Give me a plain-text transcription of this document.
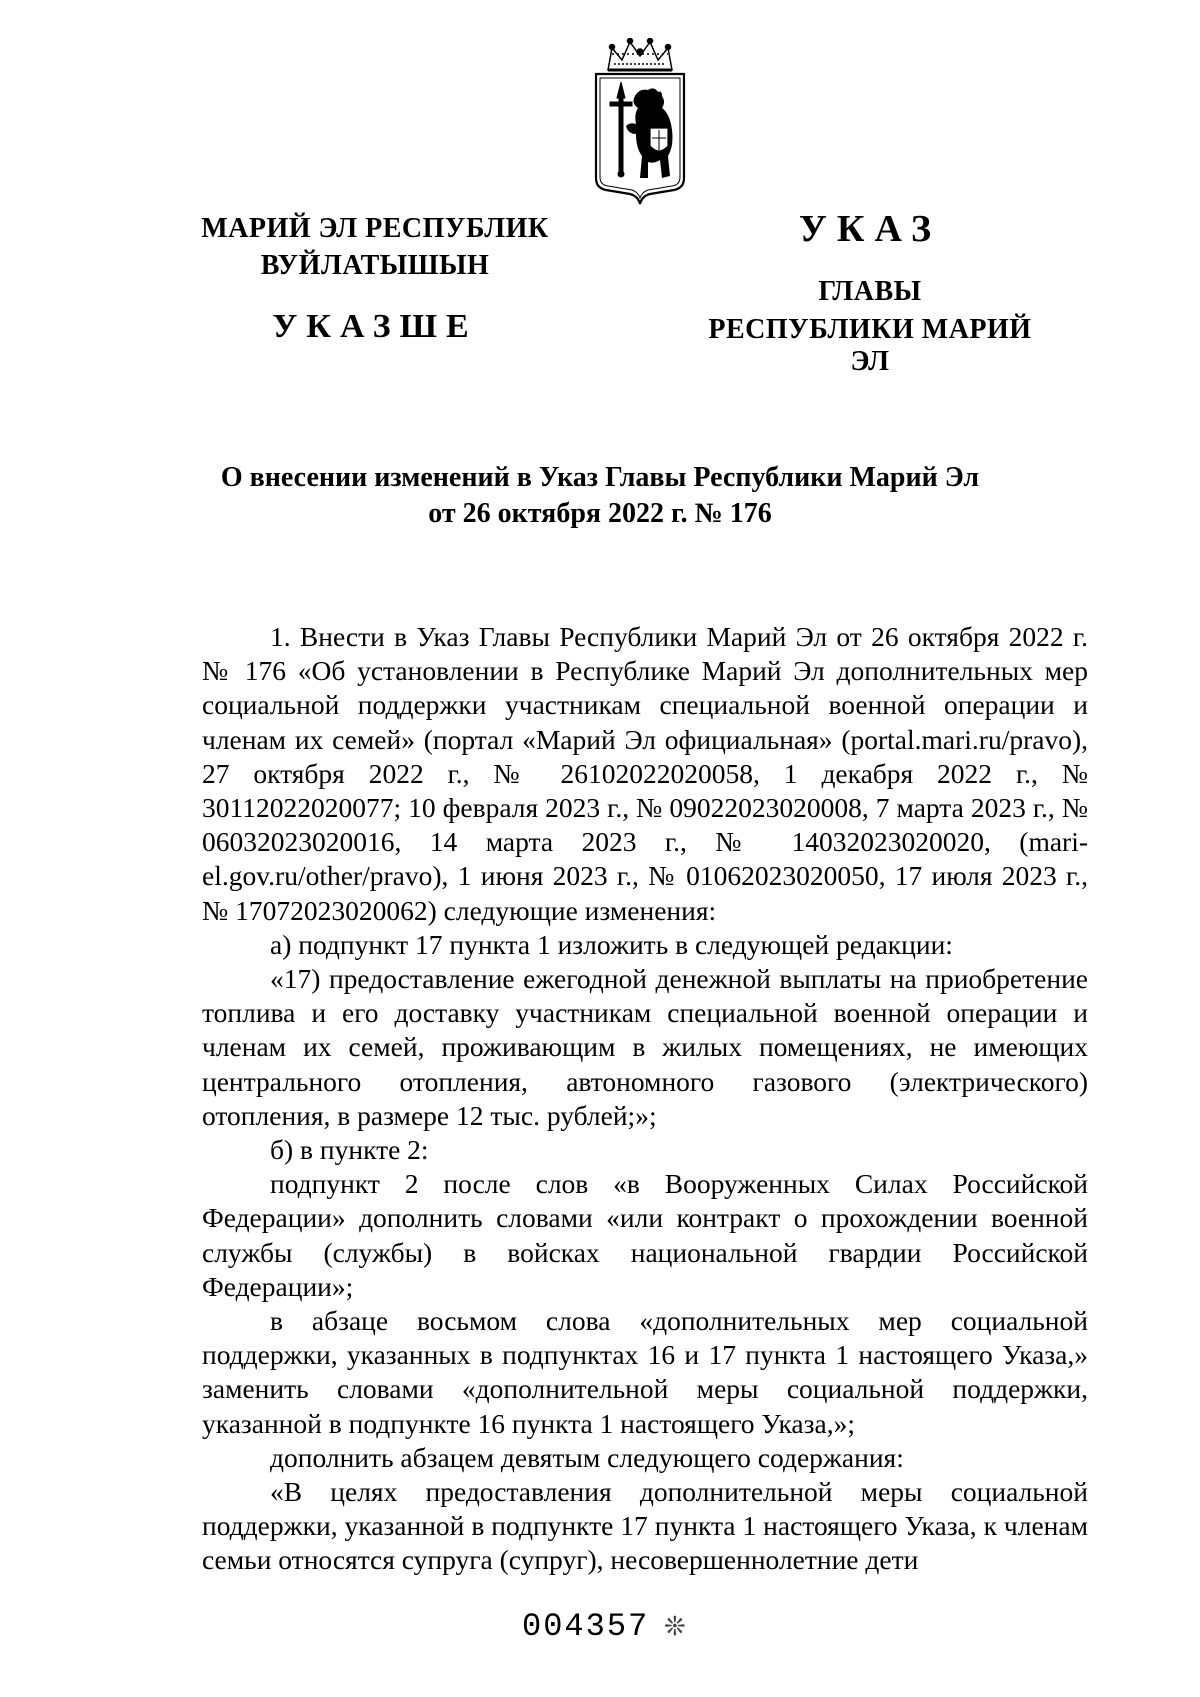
МАРИЙ ЭЛ РЕСПУБЛИК
ВУЙЛАТЫШЫН
УКАЗШЕ
УКАЗ
ГЛАВЫ
РЕСПУБЛИКИ МАРИЙ ЭЛ
О внесении изменений в Указ Главы Республики Марий Эл
от 26 октября 2022 г. № 176

1. Внести в Указ Главы Республики Марий Эл от 26 октября 2022 г. № 176 «Об установлении в Республике Марий Эл дополнительных мер социальной поддержки участникам специальной военной операции и членам их семей» (портал «Марий Эл официальная» (portal.mari.ru/pravo), 27 октября 2022 г., № 26102022020058, 1 декабря 2022 г., № 30112022020077; 10 февраля 2023 г., № 09022023020008, 7 марта 2023 г., № 06032023020016, 14 марта 2023 г., № 14032023020020, (mari-el.gov.ru/other/pravo), 1 июня 2023 г., № 01062023020050, 17 июля 2023 г., № 17072023020062) следующие изменения:

а) подпункт 17 пункта 1 изложить в следующей редакции:

«17) предоставление ежегодной денежной выплаты на приобретение топлива и его доставку участникам специальной военной операции и членам их семей, проживающим в жилых помещениях, не имеющих центрального отопления, автономного газового (электрического) отопления, в размере 12 тыс. рублей;»;

б) в пункте 2:

подпункт 2 после слов «в Вооруженных Силах Российской Федерации» дополнить словами «или контракт о прохождении военной службы (службы) в войсках национальной гвардии Российской Федерации»;

в абзаце восьмом слова «дополнительных мер социальной поддержки, указанных в подпунктах 16 и 17 пункта 1 настоящего Указа,» заменить словами «дополнительной меры социальной поддержки, указанной в подпункте 16 пункта 1 настоящего Указа,»;

дополнить абзацем девятым следующего содержания:

«В целях предоставления дополнительной меры социальной поддержки, указанной в подпункте 17 пункта 1 настоящего Указа, к членам семьи относятся супруга (супруг), несовершеннолетние дети

004357 ❊
